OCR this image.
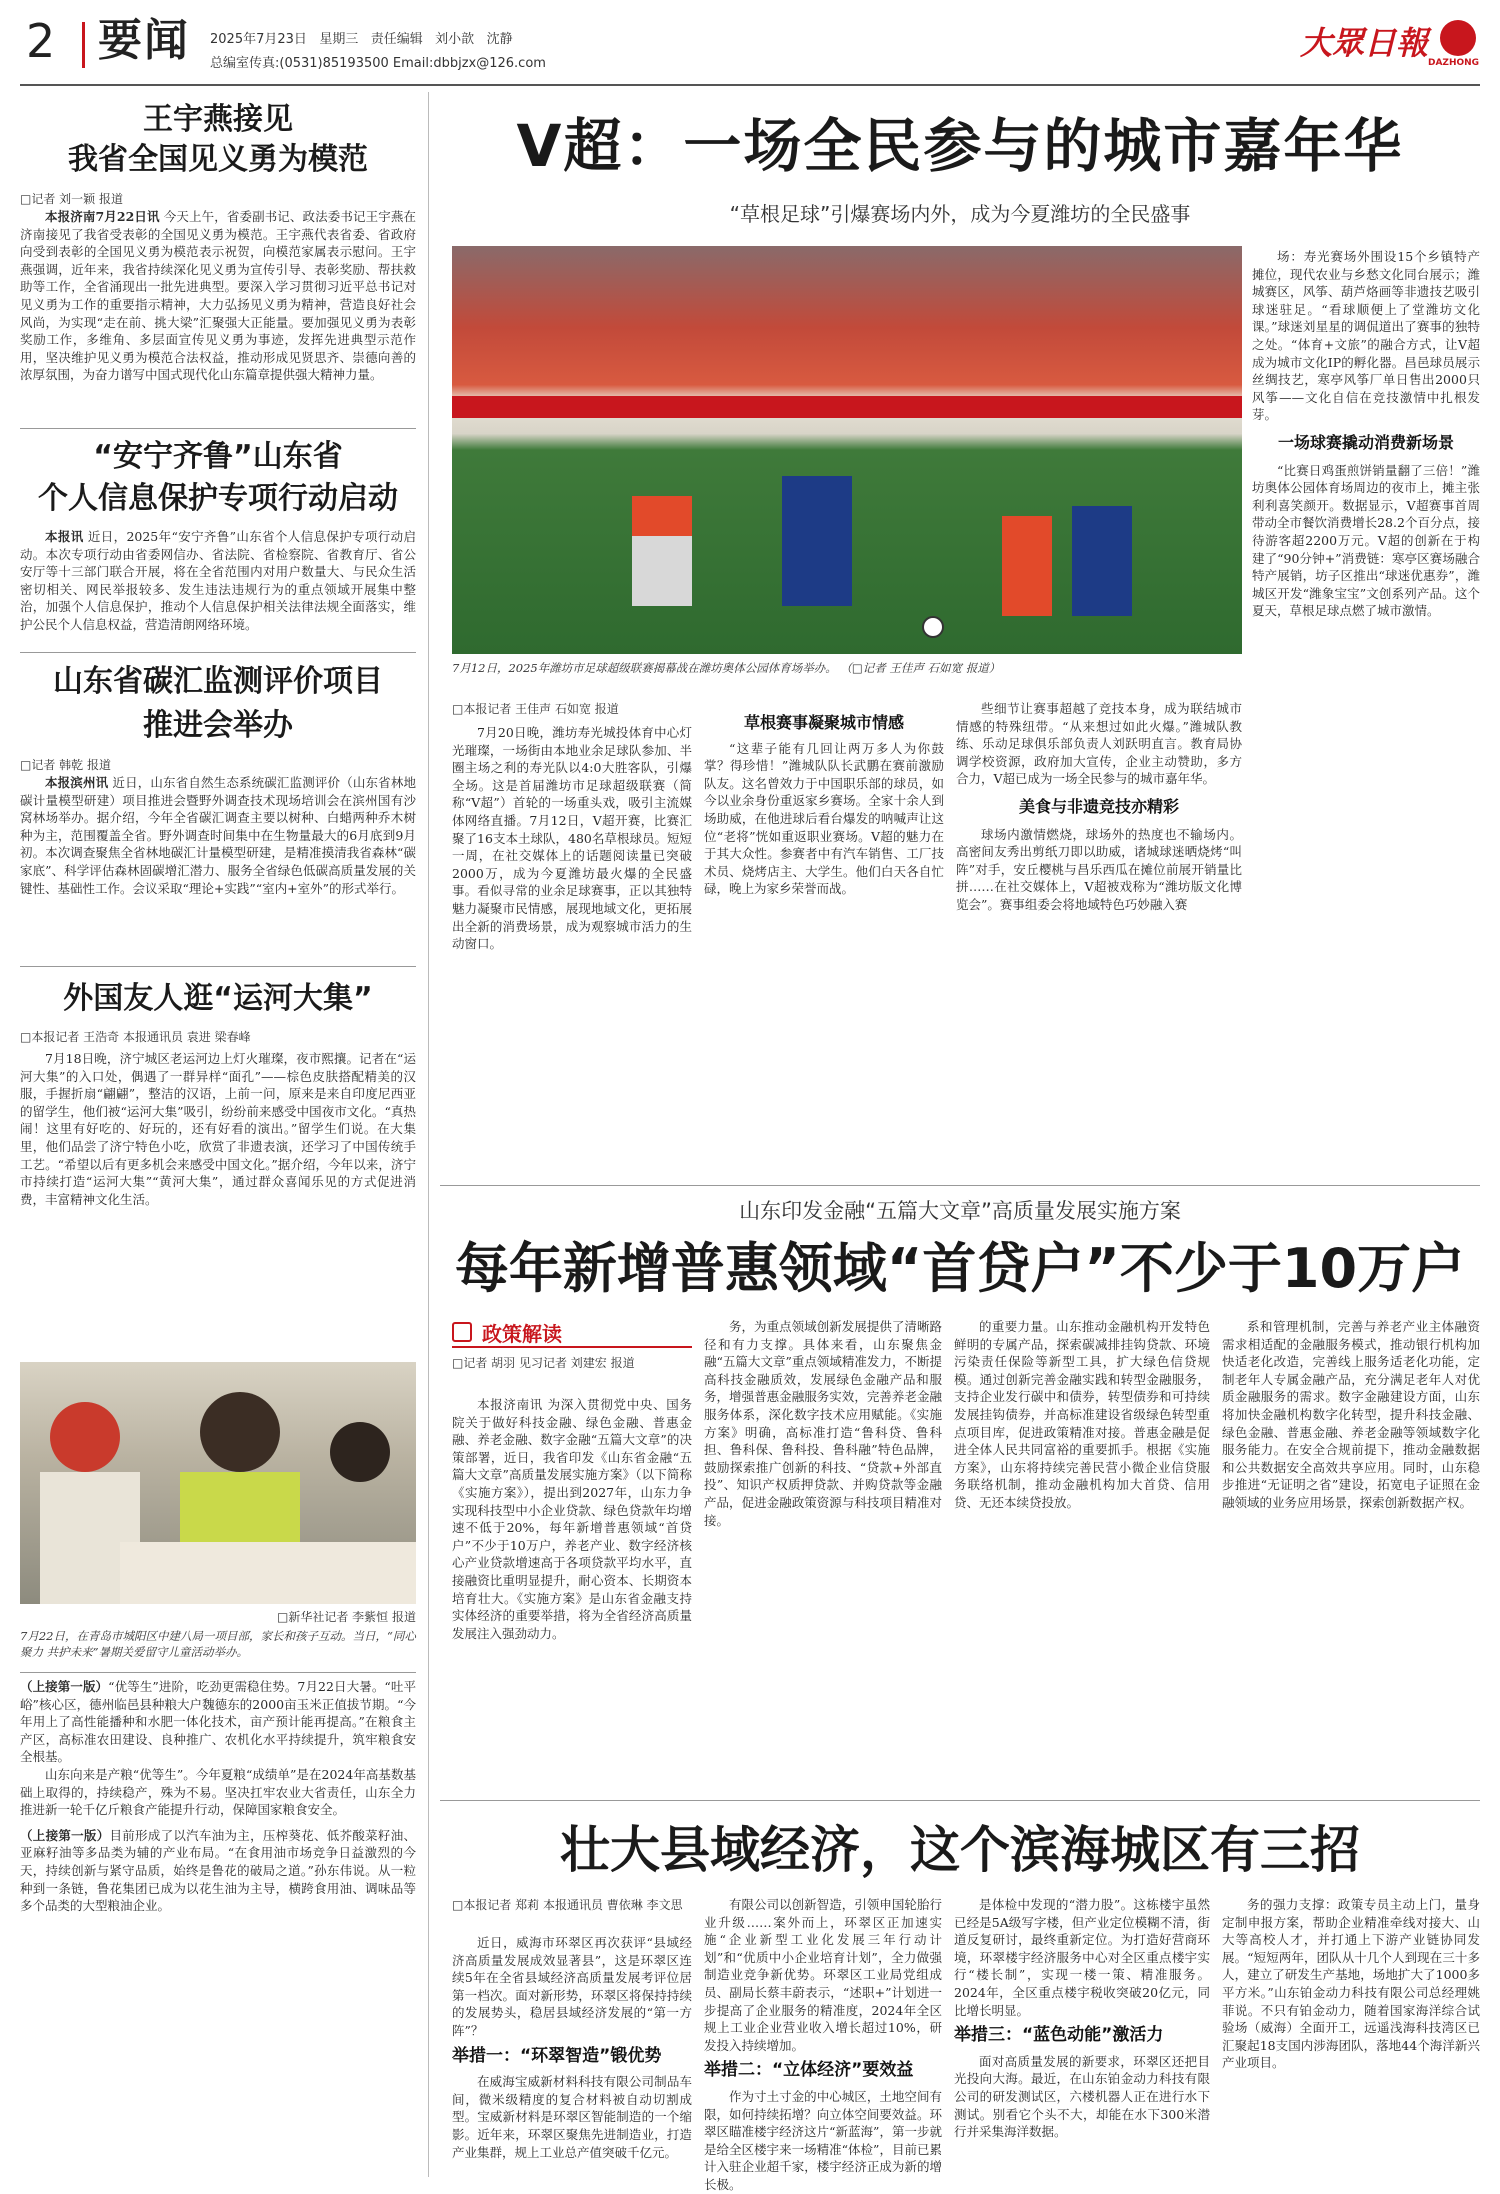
2 要闻 2025年7月23日 星期三 责任编辑 刘小歆 沈静
总编室传真:(0531)85193500 Email:dbbjzx@126.com
大眾日報
DAZHONG
王宇燕接见
我省全国见义勇为模范
□记者 刘一颖 报道

本报济南7月22日讯 今天上午，省委副书记、政法委书记王宇燕在济南接见了我省受表彰的全国见义勇为模范。王宇燕代表省委、省政府向受到表彰的全国见义勇为模范表示祝贺，向模范家属表示慰问。王宇燕强调，近年来，我省持续深化见义勇为宣传引导、表彰奖励、帮扶救助等工作，全省涌现出一批先进典型。要深入学习贯彻习近平总书记对见义勇为工作的重要指示精神，大力弘扬见义勇为精神，营造良好社会风尚，为实现“走在前、挑大梁”汇聚强大正能量。要加强见义勇为表彰奖励工作，多维角、多层面宣传见义勇为事迹，发挥先进典型示范作用，坚决维护见义勇为模范合法权益，推动形成见贤思齐、崇德向善的浓厚氛围，为奋力谱写中国式现代化山东篇章提供强大精神力量。

“安宁齐鲁”山东省
个人信息保护专项行动启动

本报讯 近日，2025年“安宁齐鲁”山东省个人信息保护专项行动启动。本次专项行动由省委网信办、省法院、省检察院、省教育厅、省公安厅等十三部门联合开展，将在全省范围内对用户数量大、与民众生活密切相关、网民举报较多、发生违法违规行为的重点领域开展集中整治，加强个人信息保护，推动个人信息保护相关法律法规全面落实，维护公民个人信息权益，营造清朗网络环境。

山东省碳汇监测评价项目
推进会举办
□记者 韩乾 报道

本报滨州讯 近日，山东省自然生态系统碳汇监测评价（山东省林地碳计量模型研建）项目推进会暨野外调查技术现场培训会在滨州国有沙窝林场举办。据介绍，今年全省碳汇调查主要以树种、白蜡两种乔木树种为主，范围覆盖全省。野外调查时间集中在生物量最大的6月底到9月初。本次调查聚焦全省林地碳汇计量模型研建，是精准摸清我省森林“碳家底”、科学评估森林固碳增汇潜力、服务全省绿色低碳高质量发展的关键性、基础性工作。会议采取“理论+实践”“室内+室外”的形式举行。

外国友人逛“运河大集”
□本报记者 王浩奇 本报通讯员 袁进 梁春峰

7月18日晚，济宁城区老运河边上灯火璀璨，夜市熙攘。记者在“运河大集”的入口处，偶遇了一群异样“面孔”——棕色皮肤搭配精美的汉服，手握折扇“翩翩”，整洁的汉语，上前一问，原来是来自印度尼西亚的留学生，他们被“运河大集”吸引，纷纷前来感受中国夜市文化。“真热闹！这里有好吃的、好玩的，还有好看的演出。”留学生们说。在大集里，他们品尝了济宁特色小吃，欣赏了非遗表演，还学习了中国传统手工艺。“希望以后有更多机会来感受中国文化。”据介绍，今年以来，济宁市持续打造“运河大集”“黄河大集”，通过群众喜闻乐见的方式促进消费，丰富精神文化生活。

□新华社记者 李紫恒 报道
7月22日，在青岛市城阳区中建八局一项目部，家长和孩子互动。当日，“同心聚力 共护未来”暑期关爱留守儿童活动举办。

（上接第一版）“优等生”进阶，吃劲更需稳住势。7月22日大暑。“吐平峪”核心区，德州临邑县种粮大户魏德东的2000亩玉米正值拔节期。“今年用上了高性能播种和水肥一体化技术，亩产预计能再提高。”在粮食主产区，高标准农田建设、良种推广、农机化水平持续提升，筑牢粮食安全根基。

山东向来是产粮“优等生”。今年夏粮“成绩单”是在2024年高基数基础上取得的，持续稳产，殊为不易。坚决扛牢农业大省责任，山东全力推进新一轮千亿斤粮食产能提升行动，保障国家粮食安全。

（上接第一版）目前形成了以汽车油为主，压榨葵花、低芥酸菜籽油、亚麻籽油等多品类为辅的产业布局。“在食用油市场竞争日益激烈的今天，持续创新与紧守品质，始终是鲁花的破局之道。”孙东伟说。从一粒种到一条链，鲁花集团已成为以花生油为主导，横跨食用油、调味品等多个品类的大型粮油企业。

V超：一场全民参与的城市嘉年华
“草根足球”引爆赛场内外，成为今夏潍坊的全民盛事
7月12日，2025年潍坊市足球超级联赛揭幕战在潍坊奥体公园体育场举办。 （□记者 王佳声 石如宽 报道）

场：寿光赛场外围设15个乡镇特产摊位，现代农业与乡愁文化同台展示；潍城赛区，风筝、葫芦烙画等非遗技艺吸引球迷驻足。“看球顺便上了堂潍坊文化课。”球迷刘星星的调侃道出了赛事的独特之处。“体育+文旅”的融合方式，让V超成为城市文化IP的孵化器。昌邑球员展示丝绸技艺，寒亭风筝厂单日售出2000只风筝——文化自信在竞技激情中扎根发芽。

一场球赛撬动消费新场景

“比赛日鸡蛋煎饼销量翻了三倍！”潍坊奥体公园体育场周边的夜市上，摊主张利利喜笑颜开。数据显示，V超赛事首周带动全市餐饮消费增长28.2个百分点，接待游客超2200万元。V超的创新在于构建了“90分钟+”消费链：寒亭区赛场融合特产展销，坊子区推出“球迷优惠券”，潍城区开发“潍象宝宝”文创系列产品。这个夏天，草根足球点燃了城市激情。

□本报记者 王佳声 石如宽 报道

7月20日晚，潍坊寿光城投体育中心灯光璀璨，一场街由本地业余足球队参加、半圈主场之利的寿光队以4:0大胜客队，引爆全场。这是首届潍坊市足球超级联赛（简称“V超”）首轮的一场重头戏，吸引主流媒体网络直播。7月12日，V超开赛，比赛汇聚了16支本土球队，480名草根球员。短短一周，在社交媒体上的话题阅读量已突破2000万，成为今夏潍坊最火爆的全民盛事。看似寻常的业余足球赛事，正以其独特魅力凝聚市民情感，展现地域文化，更拓展出全新的消费场景，成为观察城市活力的生动窗口。

草根赛事凝聚城市情感

“这辈子能有几回让两万多人为你鼓掌？得珍惜！”潍城队队长武鹏在赛前激励队友。这名曾效力于中国职乐部的球员，如今以业余身份重返家乡赛场。全家十余人到场助威，在他进球后看台爆发的呐喊声让这位“老将”恍如重返职业赛场。V超的魅力在于其大众性。参赛者中有汽车销售、工厂技术员、烧烤店主、大学生。他们白天各自忙碌，晚上为家乡荣誉而战。

些细节让赛事超越了竞技本身，成为联结城市情感的特殊纽带。“从来想过如此火爆。”潍城队教练、乐动足球俱乐部负责人刘跃明直言。教育局协调学校资源，政府加大宣传，企业主动赞助，多方合力，V超已成为一场全民参与的城市嘉年华。

美食与非遗竞技亦精彩

球场内激情燃烧，球场外的热度也不输场内。高密间友秀出剪纸刀即以助威，诸城球迷晒烧烤“叫阵”对手，安丘樱桃与昌乐西瓜在摊位前展开销量比拼……在社交媒体上，V超被戏称为“潍坊版文化博览会”。赛事组委会将地域特色巧妙融入赛

山东印发金融“五篇大文章”高质量发展实施方案
每年新增普惠领域“首贷户”不少于10万户
政策解读
□记者 胡羽 见习记者 刘建宏 报道

本报济南讯 为深入贯彻党中央、国务院关于做好科技金融、绿色金融、普惠金融、养老金融、数字金融“五篇大文章”的决策部署，近日，我省印发《山东省金融“五篇大文章”高质量发展实施方案》（以下简称《实施方案》），提出到2027年，山东力争实现科技型中小企业贷款、绿色贷款年均增速不低于20%，每年新增普惠领域“首贷户”不少于10万户，养老产业、数字经济核心产业贷款增速高于各项贷款平均水平，直接融资比重明显提升，耐心资本、长期资本培育壮大。《实施方案》是山东省金融支持实体经济的重要举措，将为全省经济高质量发展注入强劲动力。

务，为重点领域创新发展提供了清晰路径和有力支撑。具体来看，山东聚焦金融“五篇大文章”重点领域精准发力，不断提高科技金融质效，发展绿色金融产品和服务，增强普惠金融服务实效，完善养老金融服务体系，深化数字技术应用赋能。《实施方案》明确，高标准打造“鲁科贷、鲁科担、鲁科保、鲁科投、鲁科融”特色品牌，鼓励探索推广创新的科技、“贷款+外部直投”、知识产权质押贷款、并购贷款等金融产品，促进金融政策资源与科技项目精准对接。

的重要力量。山东推动金融机构开发特色鲜明的专属产品，探索碳减排挂钩贷款、环境污染责任保险等新型工具，扩大绿色信贷规模。通过创新完善金融实践和转型金融服务，支持企业发行碳中和债券，转型债券和可持续发展挂钩债券，并高标准建设省级绿色转型重点项目库，促进政策精准对接。普惠金融是促进全体人民共同富裕的重要抓手。根据《实施方案》，山东将持续完善民营小微企业信贷服务联络机制，推动金融机构加大首贷、信用贷、无还本续贷投放。

系和管理机制，完善与养老产业主体融资需求相适配的金融服务模式，推动银行机构加快适老化改造，完善线上服务适老化功能，定制老年人专属金融产品，充分满足老年人对优质金融服务的需求。数字金融建设方面，山东将加快金融机构数字化转型，提升科技金融、绿色金融、普惠金融、养老金融等领域数字化服务能力。在安全合规前提下，推动金融数据和公共数据安全高效共享应用。同时，山东稳步推进“无证明之省”建设，拓宽电子证照在金融领域的业务应用场景，探索创新数据产权。

壮大县域经济，这个滨海城区有三招
□本报记者 郑莉 本报通讯员 曹依琳 李文思

近日，威海市环翠区再次获评“县域经济高质量发展成效显著县”，这是环翠区连续5年在全省县域经济高质量发展考评位居第一档次。面对新形势，环翠区将保持持续的发展势头，稳居县域经济发展的“第一方阵”？

举措一：“环翠智造”锻优势

在威海宝威新材料科技有限公司制品车间，微米级精度的复合材料被自动切割成型。宝威新材料是环翠区智能制造的一个缩影。近年来，环翠区聚焦先进制造业，打造产业集群，规上工业总产值突破千亿元。

有限公司以创新智造，引领申国轮胎行业升级……案外而上，环翠区正加速实施“企业新型工业化发展三年行动计划”和“优质中小企业培育计划”，全力做强制造业竞争新优势。环翠区工业局党组成员、副局长蔡丰蔚表示，“述职+”计划进一步提高了企业服务的精准度，2024年全区规上工业企业营业收入增长超过10%，研发投入持续增加。

举措二：“立体经济”要效益

作为寸土寸金的中心城区，土地空间有限，如何持续拓增？向立体空间要效益。环翠区瞄准楼宇经济这片“新蓝海”，第一步就是给全区楼宇来一场精准“体检”，目前已累计入驻企业超千家，楼宇经济正成为新的增长极。

是体检中发现的“潜力股”。这栋楼宇虽然已经是5A级写字楼，但产业定位模糊不清，街道反复研讨，最终重新定位。为打造好营商环境，环翠楼宇经济服务中心对全区重点楼宇实行“楼长制”，实现一楼一策、精准服务。2024年，全区重点楼宇税收突破20亿元，同比增长明显。

举措三：“蓝色动能”激活力

面对高质量发展的新要求，环翠区还把目光投向大海。最近，在山东铂金动力科技有限公司的研发测试区，六楼机器人正在进行水下测试。别看它个头不大，却能在水下300米潜行并采集海洋数据。

务的强力支撑：政策专员主动上门，量身定制申报方案，帮助企业精准牵线对接大、山大等高校人才，并打通上下游产业链协同发展。“短短两年，团队从十几个人到现在三十多人，建立了研发生产基地，场地扩大了1000多平方米。”山东铂金动力科技有限公司总经理姚菲说。不只有铂金动力，随着国家海洋综合试验场（威海）全面开工，远遥浅海科技湾区已汇聚起18支国内涉海团队，落地44个海洋新兴产业项目。
